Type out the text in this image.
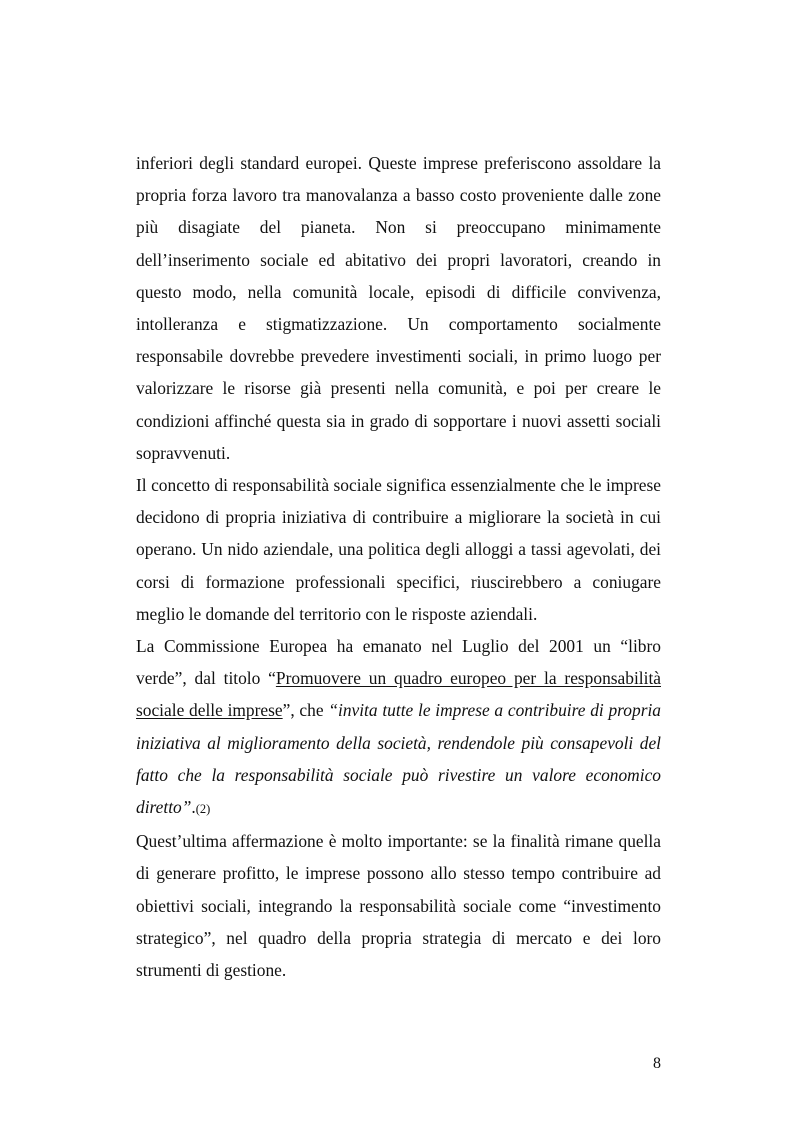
inferiori degli standard europei. Queste imprese preferiscono assoldare la propria forza lavoro tra manovalanza a basso costo proveniente dalle zone più disagiate del pianeta. Non si preoccupano minimamente dell’inserimento sociale ed abitativo dei propri lavoratori, creando in questo modo, nella comunità locale, episodi di difficile convivenza, intolleranza e stigmatizzazione. Un comportamento socialmente responsabile dovrebbe prevedere investimenti sociali, in primo luogo per valorizzare le risorse già presenti nella comunità, e poi per creare le condizioni affinché questa sia in grado di sopportare i nuovi assetti sociali sopravvenuti.

Il concetto di responsabilità sociale significa essenzialmente che le imprese decidono di propria iniziativa di contribuire a migliorare la società in cui operano. Un nido aziendale, una politica degli alloggi a tassi agevolati, dei corsi di formazione professionali specifici, riuscirebbero a coniugare meglio le domande del territorio con le risposte aziendali.

La Commissione Europea ha emanato nel Luglio del 2001 un “libro verde”, dal titolo “Promuovere un quadro europeo per la responsabilità sociale delle imprese”, che “invita tutte le imprese a contribuire di propria iniziativa al miglioramento della società, rendendole più consapevoli del fatto che la responsabilità sociale può rivestire un valore economico diretto”.(2)

Quest’ultima affermazione è molto importante: se la finalità rimane quella di generare profitto, le imprese possono allo stesso tempo contribuire ad obiettivi sociali, integrando la responsabilità sociale come “investimento strategico”, nel quadro della propria strategia di mercato e dei loro strumenti di gestione.

8
